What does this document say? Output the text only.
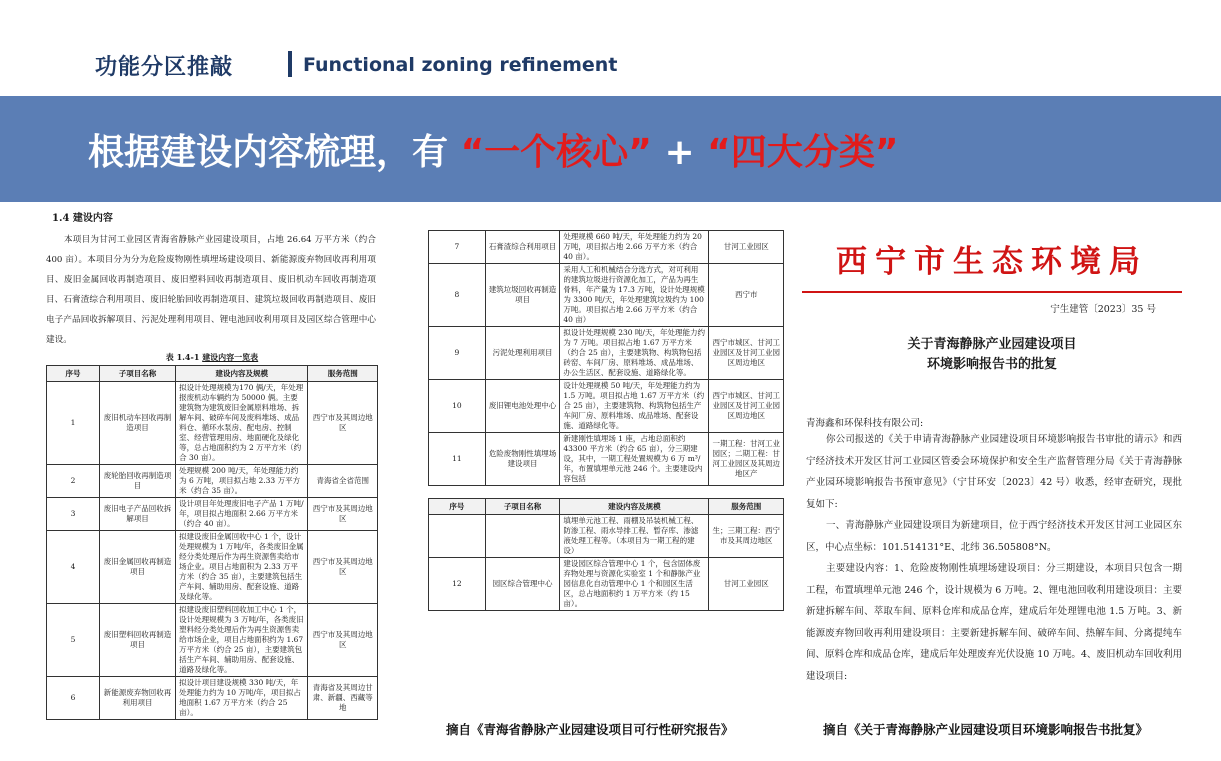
功能分区推敲	Functional zoning refinement
根据建设内容梳理，有 “一个核心” + “四大分类”
1.4 建设内容
本项目为甘河工业园区青海省静脉产业园建设项目，占地 26.64 万平方米（约合 400 亩）。本项目分为分为危险废物刚性填埋场建设项目、新能源废弃物回收再利用项目、废旧金属回收再制造项目、废旧塑料回收再制造项目、废旧机动车回收再制造项目、石膏渣综合利用项目、废旧轮胎回收再制造项目、建筑垃圾回收再制造项目、废旧电子产品回收拆解项目、污泥处理利用项目、锂电池回收利用项目及园区综合管理中心建设。
表 1.4-1 建设内容一览表
序号	子项目名称	建设内容及规模	服务范围
1	废旧机动车回收再制造项目	拟设计处理规模为170 俩/天，年处理报废机动车辆约为 50000 俩。主要建筑物为建筑废旧金属原料堆场、拆解车间、破碎车间及废料堆场、成品料仓、循环水泵房、配电房、控制室、经营管理用房、地面硬化及绿化等，总占地面积约为 2 万平方米（约合 30 亩）。	西宁市及其周边地区
2	废轮胎回收再制造项目	处理规模 200 吨/天，年处理能力约为 6 万吨，项目拟占地 2.33 万平方米（约合 35 亩）。	青海省全省范围
3	废旧电子产品回收拆解项目	设计项目年处理废旧电子产品 1 万吨/年，项目拟占地面积 2.66 万平方米（约合 40 亩）。	西宁市及其周边地区
4	废旧金属回收再制造项目	拟建设废旧金属回收中心 1 个，设计处理规模为 1 万吨/年，各类废旧金属经分类处理后作为再生资源售卖给市场企业。项目占地面积为 2.33 万平方米（约合 35 亩），主要建筑包括生产车间、辅助用房、配套设施、道路及绿化等。	西宁市及其周边地区
5	废旧塑料回收再制造项目	拟建设废旧塑料回收加工中心 1 个，设计处理规模为 3 万吨/年，各类废旧塑料经分类处理后作为再生资源售卖给市场企业，项目占地面积约为 1.67 万平方米（约合 25 亩），主要建筑包括生产车间、辅助用房、配套设施、道路及绿化等。	西宁市及其周边地区
6	新能源废弃物回收再利用项目	拟设计项目建设规模 330 吨/天，年处理能力约为 10 万吨/年，项目拟占地面积 1.67 万平方米（约合 25 亩）。	青海省及其周边甘肃、新疆、西藏等地
7	石膏渣综合利用项目	处理规模 660 吨/天，年处理能力约为 20 万吨，项目拟占地 2.66 万平方米（约合 40 亩）。	甘河工业园区
8	建筑垃圾回收再制造项目	采用人工和机械结合分选方式，对可利用的建筑垃圾进行资源化加工，产品为再生骨料，年产量为 17.3 万吨，设计处理规模为 3300 吨/天，年处理建筑垃圾约为 100 万吨。项目拟占地 2.66 万平方米（约合 40 亩）	西宁市
9	污泥处理利用项目	拟设计处理规模 230 吨/天，年处理能力约为 7 万吨。项目拟占地 1.67 万平方米（约合 25 亩），主要建筑物、构筑物包括砖窑、车间厂房、原料堆场、成品堆场、办公生活区、配套设施、道路绿化等。	西宁市城区、甘河工业园区及甘河工业园区周边地区
10	废旧锂电池处理中心	设计处理规模 50 吨/天，年处理能力约为 1.5 万吨。项目拟占地 1.67 万平方米（约合 25 亩），主要建筑物、构筑物包括生产车间厂房、原料堆场、成品堆场、配套设施、道路绿化等。	西宁市城区、甘河工业园区及甘河工业园区周边地区
11	危险废物刚性填埋场建设项目	新建刚性填埋场 1 座，占地总面积约 43300 平方米（约合 65 亩），分三期建设，其中，一期工程处置规模为 6 万 m³/年，布置填埋单元池 246 个。主要建设内容包括	一期工程：甘河工业园区；二期工程：甘河工业园区及其周边地区产
序号	子项目名称	建设内容及规模	服务范围
		填埋单元池工程、雨棚及吊装机械工程、防渗工程、雨水导排工程、暂存库、渗滤液处理工程等。（本项目为一期工程的建设）	生；三期工程：西宁市及其周边地区
12	园区综合管理中心	建设园区综合管理中心 1 个，包含固体废弃物处理与资源化实验室 1 个和静脉产业园信息化自动管理中心 1 个和园区生活区，总占地面积约 1 万平方米（约 15 亩）。	甘河工业园区
西宁市生态环境局
宁生建管〔2023〕35 号
关于青海静脉产业园建设项目
环境影响报告书的批复
青海鑫和环保科技有限公司:
你公司报送的《关于申请青海静脉产业园建设项目环境影响报告书审批的请示》和西宁经济技术开发区甘河工业园区管委会环境保护和安全生产监督管理分局《关于青海静脉产业园环境影响报告书预审意见》（宁甘环安〔2023〕42 号）收悉，经审查研究，现批复如下:
一、青海静脉产业园建设项目为新建项目，位于西宁经济技术开发区甘河工业园区东区，中心点坐标：101.514131°E、北纬 36.505808°N。
主要建设内容：1、危险废物刚性填埋场建设项目：分三期建设，本项目只包含一期工程，布置填埋单元池 246 个，设计规模为 6 万吨。2、锂电池回收利用建设项目：主要新建拆解车间、萃取车间、原料仓库和成品仓库，建成后年处理锂电池 1.5 万吨。3、新能源废弃物回收再利用建设项目：主要新建拆解车间、破碎车间、热解车间、分离提纯车间、原料仓库和成品仓库，建成后年处理废弃光伏设施 10 万吨。4、废旧机动车回收利用建设项目:
摘自《青海省静脉产业园建设项目可行性研究报告》	摘自《关于青海静脉产业园建设项目环境影响报告书批复》
